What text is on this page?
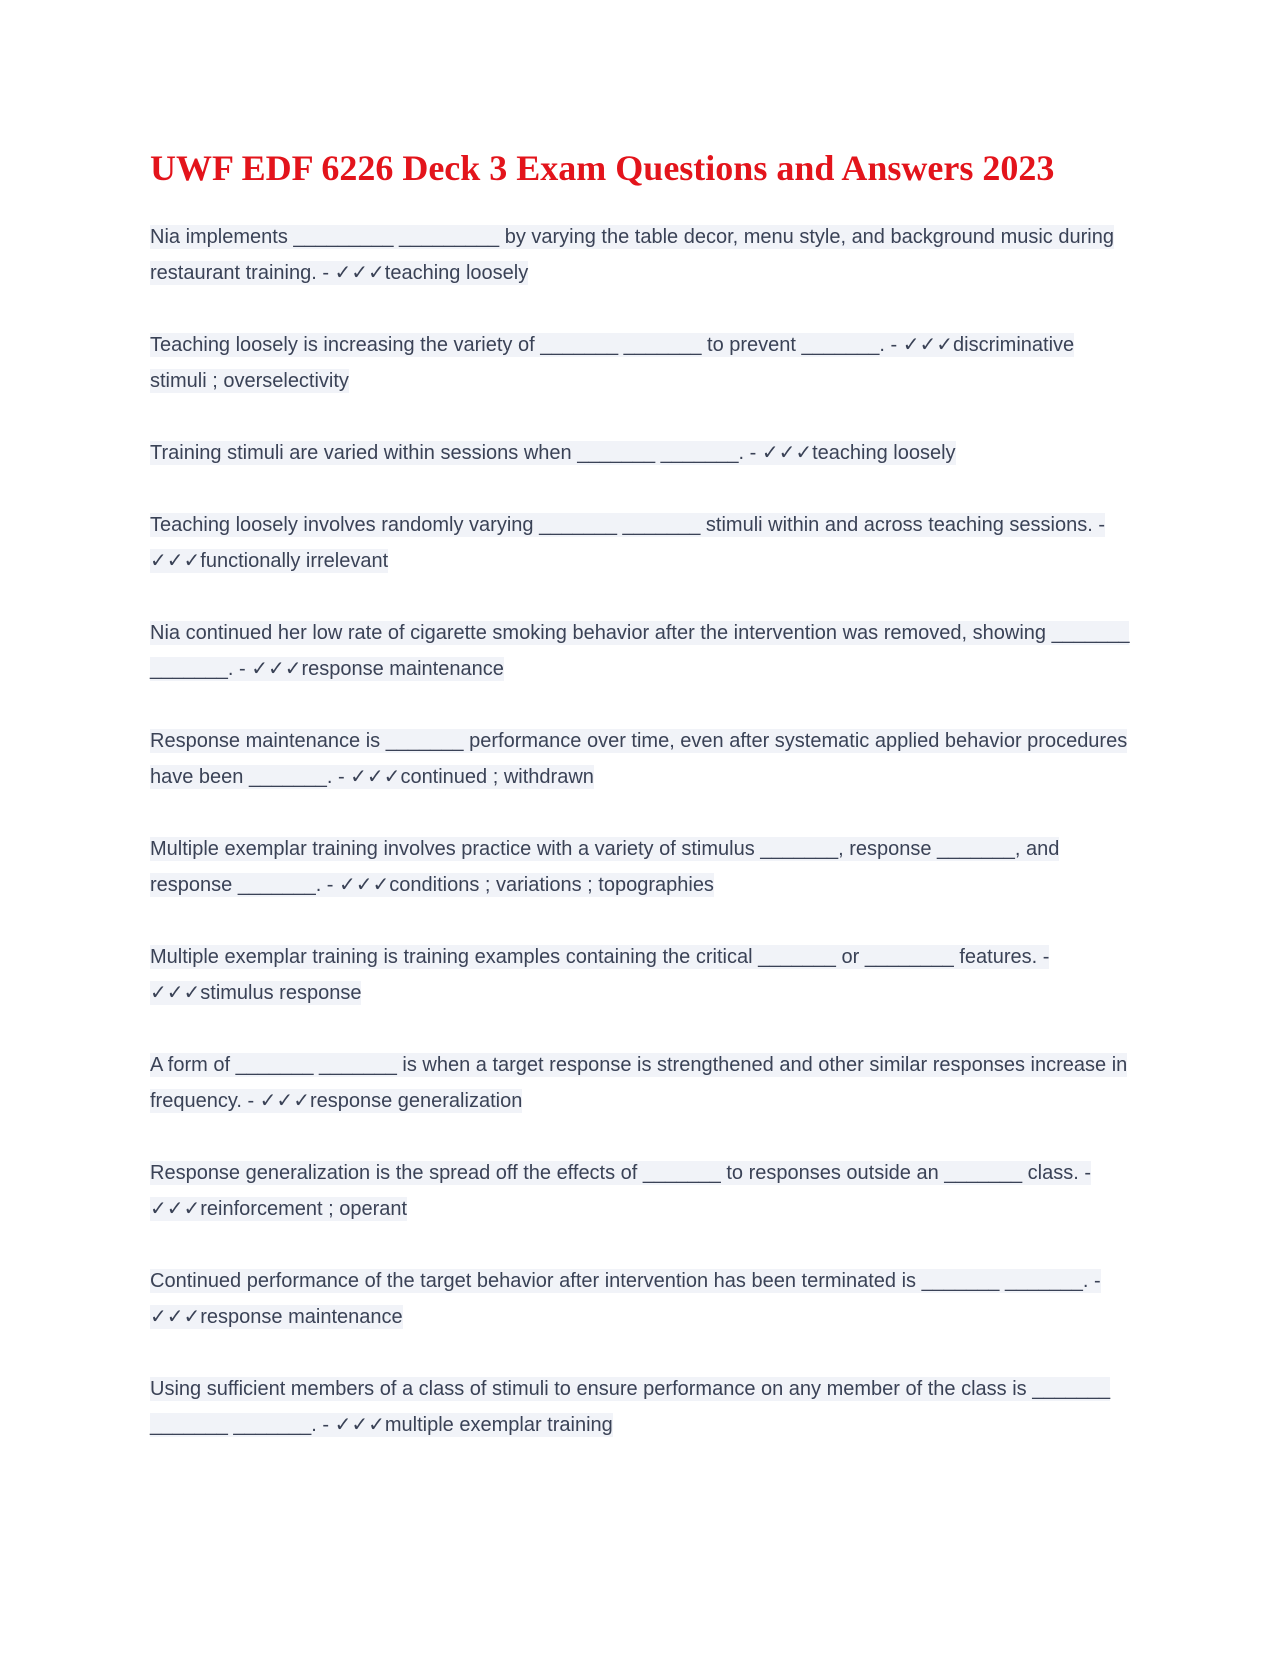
UWF EDF 6226 Deck 3 Exam Questions and Answers 2023

Nia implements _________ _________ by varying the table decor, menu style, and background music during restaurant training. - ✓✓✓teaching loosely

Teaching loosely is increasing the variety of _______ _______ to prevent _______. - ✓✓✓discriminative stimuli ; overselectivity

Training stimuli are varied within sessions when _______ _______. - ✓✓✓teaching loosely

Teaching loosely involves randomly varying _______ _______ stimuli within and across teaching sessions. - ✓✓✓functionally irrelevant

Nia continued her low rate of cigarette smoking behavior after the intervention was removed, showing _______ _______. - ✓✓✓response maintenance

Response maintenance is _______ performance over time, even after systematic applied behavior procedures have been _______. - ✓✓✓continued ; withdrawn

Multiple exemplar training involves practice with a variety of stimulus _______, response _______, and response _______. - ✓✓✓conditions ; variations ; topographies

Multiple exemplar training is training examples containing the critical _______ or ________ features. - ✓✓✓stimulus response

A form of _______ _______ is when a target response is strengthened and other similar responses increase in frequency. - ✓✓✓response generalization

Response generalization is the spread off the effects of _______ to responses outside an _______ class. - ✓✓✓reinforcement ; operant

Continued performance of the target behavior after intervention has been terminated is _______ _______. - ✓✓✓response maintenance

Using sufficient members of a class of stimuli to ensure performance on any member of the class is _______ _______ _______. - ✓✓✓multiple exemplar training
